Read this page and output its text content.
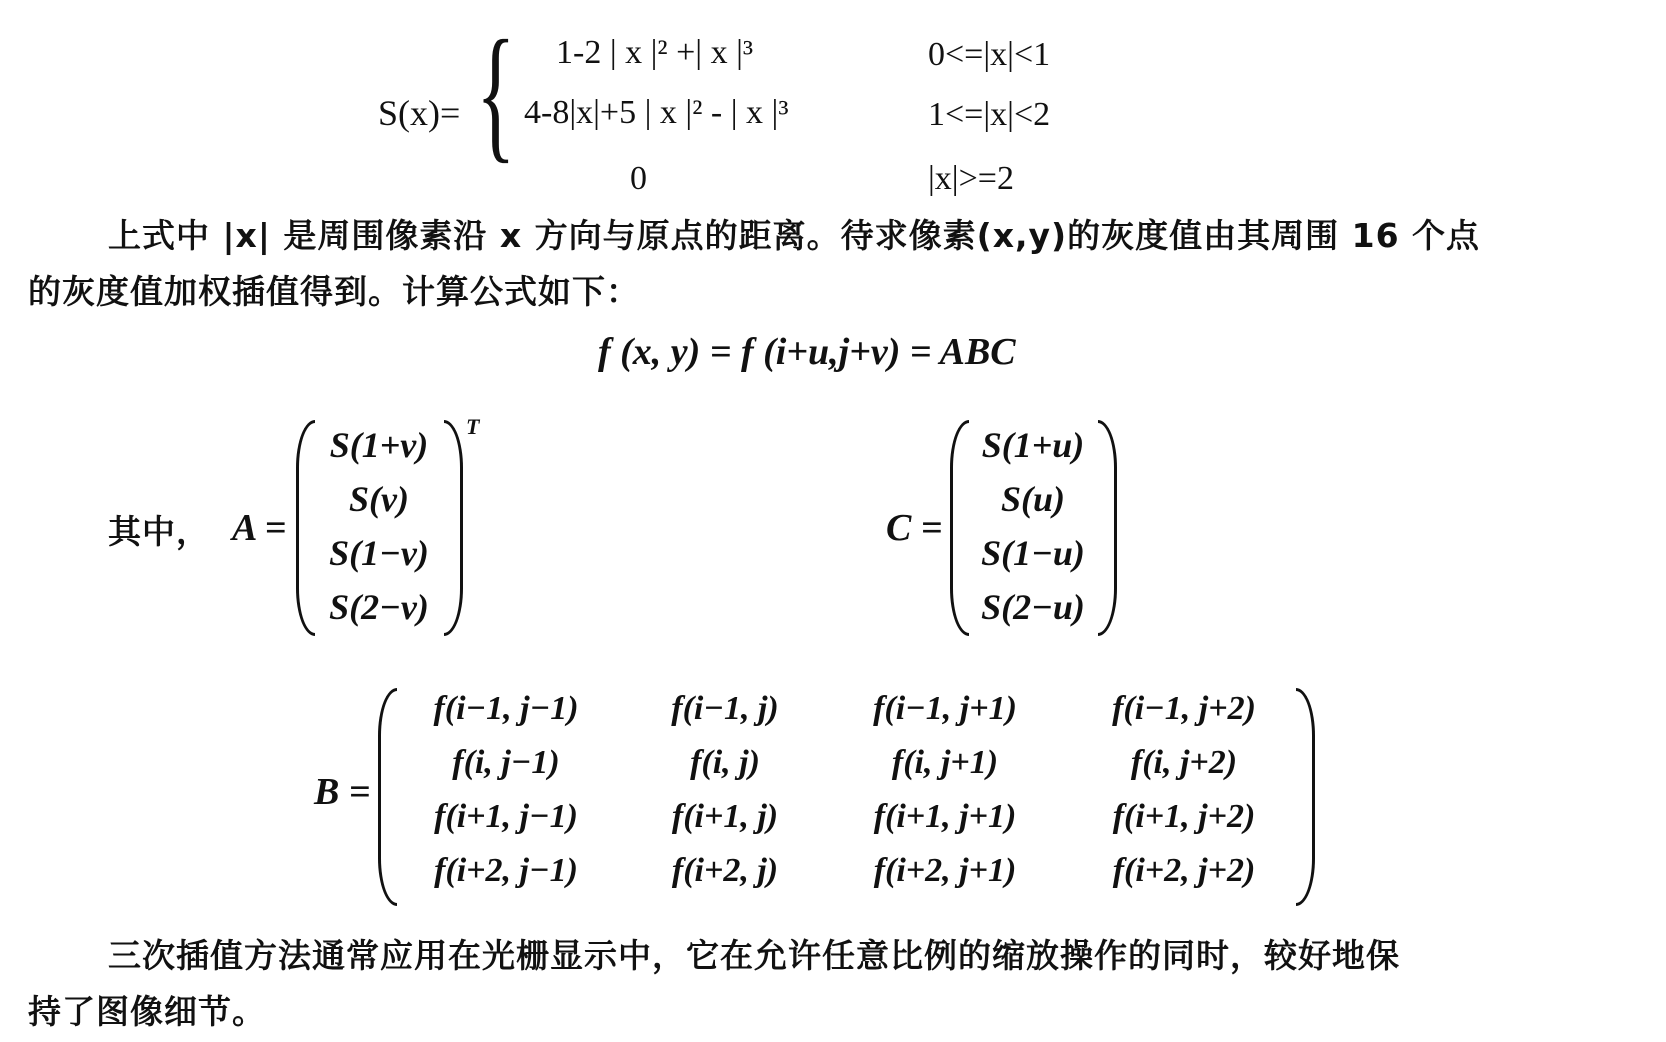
S(x)= { 1-2 | x |² +| x |³	0<=|x|<1
4-8|x|+5 | x |² - | x |³	1<=|x|<2
0	|x|>=2
上式中 |x| 是周围像素沿 x 方向与原点的距离。待求像素(x,y)的灰度值由其周围 16 个点
的灰度值加权插值得到。计算公式如下：
f (x, y) = f (i+u,j+v) = ABC
其中， A =
T
S(1+v)
S(v)
S(1−v)
S(2−v)
C =
S(1+u)
S(u)
S(1−u)
S(2−u)
B =
f(i−1, j−1)	f(i−1, j)	f(i−1, j+1)	f(i−1, j+2)
f(i, j−1)	f(i, j)	f(i, j+1)	f(i, j+2)
f(i+1, j−1)	f(i+1, j)	f(i+1, j+1)	f(i+1, j+2)
f(i+2, j−1)	f(i+2, j)	f(i+2, j+1)	f(i+2, j+2)
三次插值方法通常应用在光栅显示中，它在允许任意比例的缩放操作的同时，较好地保
持了图像细节。
